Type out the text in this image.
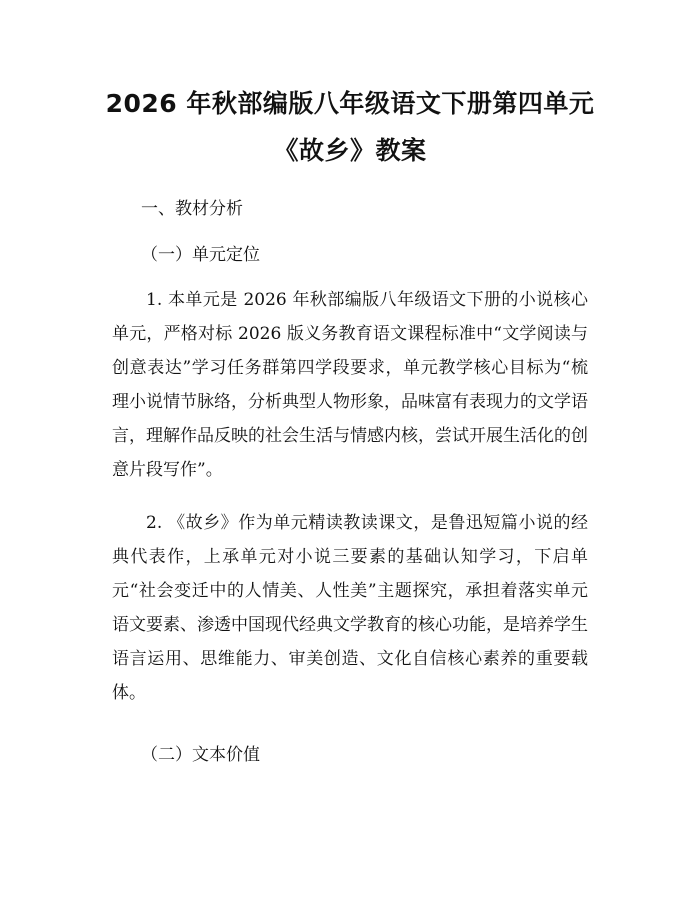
2026 年秋部编版八年级语文下册第四单元
《故乡》教案
一、教材分析
（一）单元定位

1. 本单元是 2026 年秋部编版八年级语文下册的小说核心单元，严格对标 2026 版义务教育语文课程标准中“文学阅读与创意表达”学习任务群第四学段要求，单元教学核心目标为“梳理小说情节脉络，分析典型人物形象，品味富有表现力的文学语言，理解作品反映的社会生活与情感内核，尝试开展生活化的创意片段写作”。

2. 《故乡》作为单元精读教读课文，是鲁迅短篇小说的经典代表作，上承单元对小说三要素的基础认知学习，下启单元“社会变迁中的人情美、人性美”主题探究，承担着落实单元语文要素、渗透中国现代经典文学教育的核心功能，是培养学生语言运用、思维能力、审美创造、文化自信核心素养的重要载体。

（二）文本价值
